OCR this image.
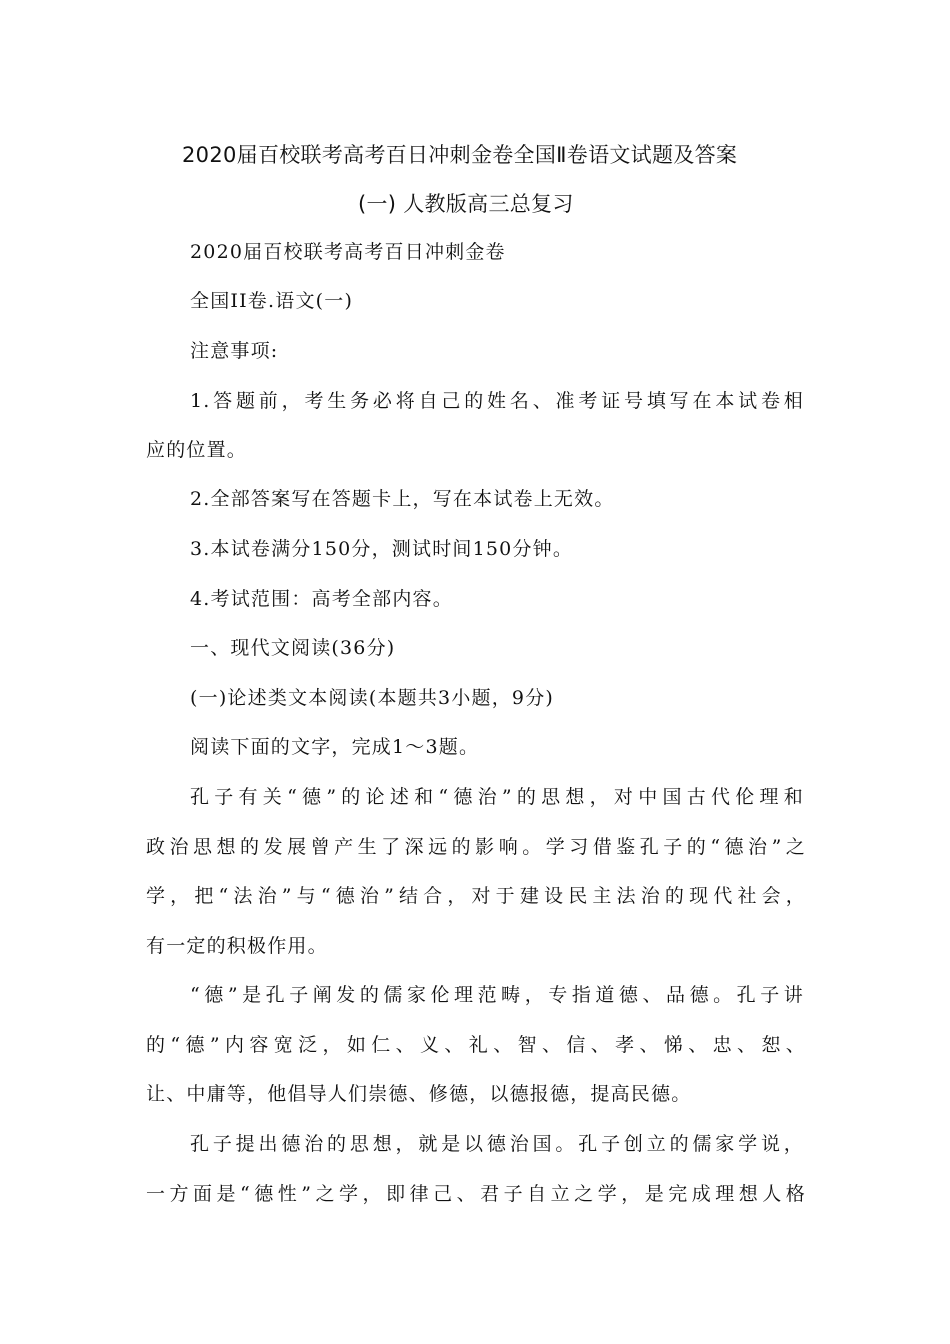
2020届百校联考高考百日冲刺金卷全国Ⅱ卷语文试题及答案
(一) 人教版高三总复习
2020届百校联考高考百日冲刺金卷
全国II卷.语文(一)
注意事项:
1.答题前，考生务必将自己的姓名、准考证号填写在本试卷相
应的位置。
2.全部答案写在答题卡上，写在本试卷上无效。
3.本试卷满分150分，测试时间150分钟。
4.考试范围：高考全部内容。
一、现代文阅读(36分)
(一)论述类文本阅读(本题共3小题，9分)
阅读下面的文字，完成1～3题。
孔子有关“德”的论述和“德治”的思想，对中国古代伦理和
政治思想的发展曾产生了深远的影响。学习借鉴孔子的“德治”之
学，把“法治”与“德治”结合，对于建设民主法治的现代社会，
有一定的积极作用。
“德”是孔子阐发的儒家伦理范畴，专指道德、品德。孔子讲
的“德”内容宽泛，如仁、义、礼、智、信、孝、悌、忠、恕、
让、中庸等，他倡导人们崇德、修德，以德报德，提高民德。
孔子提出德治的思想，就是以德治国。孔子创立的儒家学说，
一方面是“德性”之学，即律己、君子自立之学，是完成理想人格
